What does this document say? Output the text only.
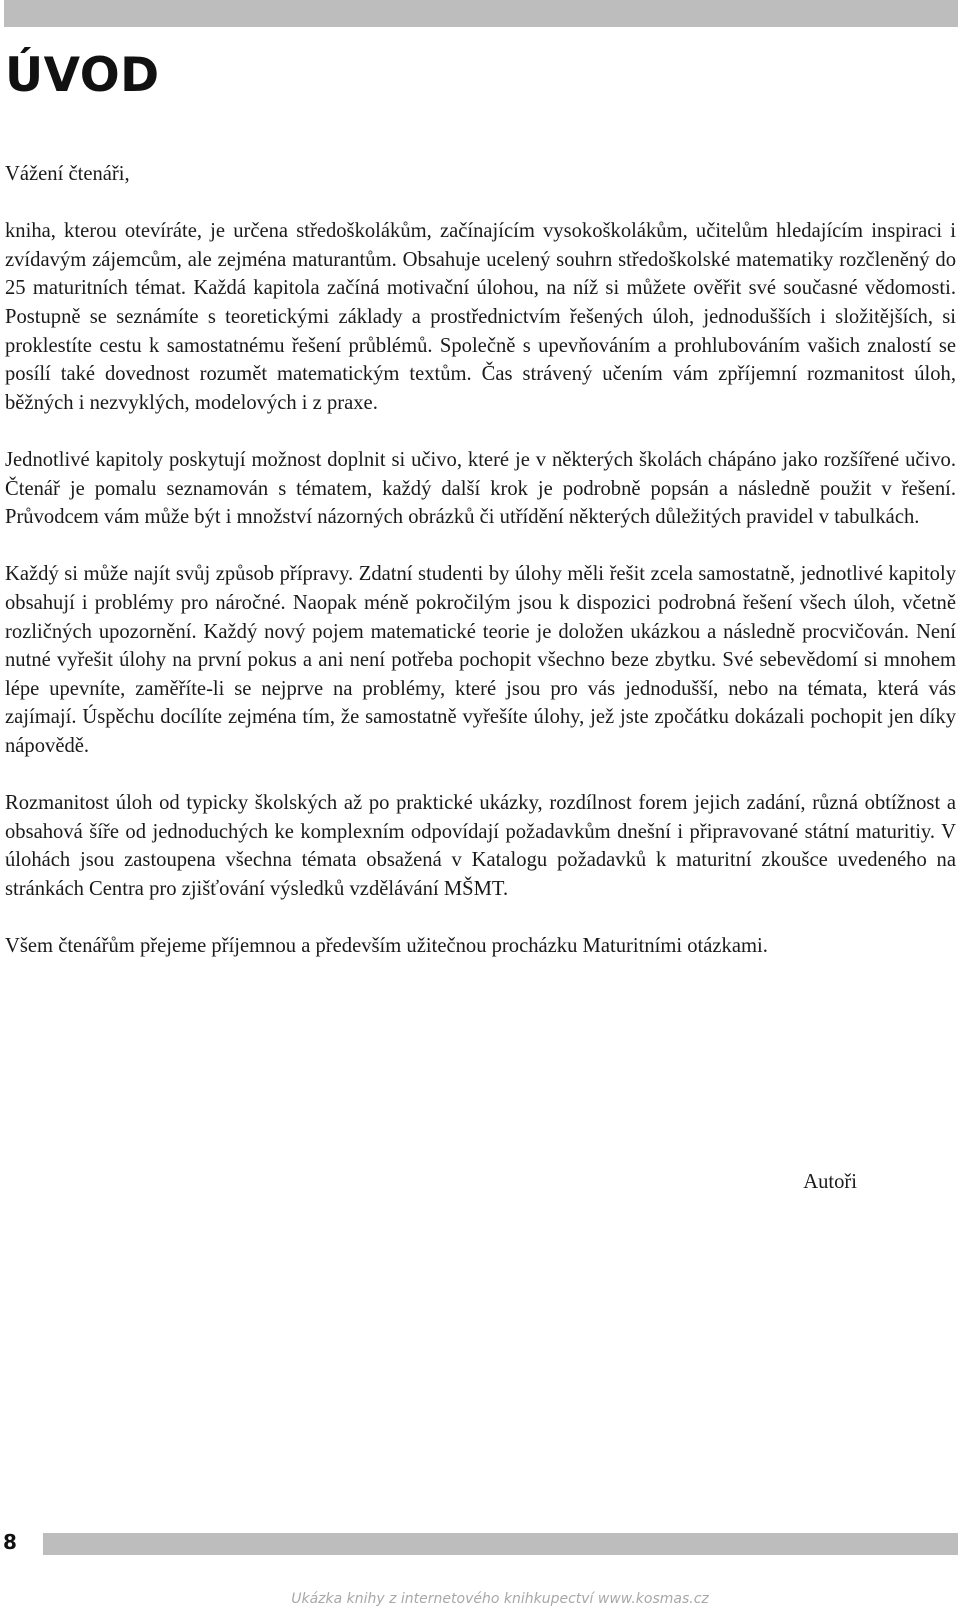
ÚVOD

Vážení čtenáři,

kniha, kterou otevíráte, je určena středoškolákům, začínajícím vysokoškolákům, učitelům hledajícím inspiraci i zvídavým zájemcům, ale zejména maturantům. Obsahuje ucelený souhrn středoškolské matematiky rozčleněný do 25 maturitních témat. Každá kapitola začíná motivační úlohou, na níž si můžete ověřit své současné vědomosti. Postupně se seznámíte s teoretickými základy a prostřednictvím řešených úloh, jednodušších i složitějších, si proklestíte cestu k samostatnému řešení průblémů. Společně s upevňováním a prohlubováním vašich znalostí se posílí také dovednost rozumět matematickým textům. Čas strávený učením vám zpříjemní rozmanitost úloh, běžných i nezvyklých, modelových i z praxe.

Jednotlivé kapitoly poskytují možnost doplnit si učivo, které je v některých školách chápáno jako rozšířené učivo. Čtenář je pomalu seznamován s tématem, každý další krok je podrobně popsán a následně použit v řešení. Průvodcem vám může být i množství názorných obrázků či utřídění některých důležitých pravidel v tabulkách.

Každý si může najít svůj způsob přípravy. Zdatní studenti by úlohy měli řešit zcela samostatně, jednotlivé kapitoly obsahují i problémy pro náročné. Naopak méně pokročilým jsou k dispozici podrobná řešení všech úloh, včetně rozličných upozornění. Každý nový pojem matematické teorie je doložen ukázkou a následně procvičován. Není nutné vyřešit úlohy na první pokus a ani není potřeba pochopit všechno beze zbytku. Své sebevědomí si mnohem lépe upevníte, zaměříte-li se nejprve na problémy, které jsou pro vás jednodušší, nebo na témata, která vás zajímají. Úspěchu docílíte zejména tím, že samostatně vyřešíte úlohy, jež jste zpočátku dokázali pochopit jen díky nápovědě.

Rozmanitost úloh od typicky školských až po praktické ukázky, rozdílnost forem jejich zadání, různá obtížnost a obsahová šíře od jednoduchých ke komplexním odpovídají požadavkům dnešní i připravované státní maturitiy. V úlohách jsou zastoupena všechna témata obsažená v Katalogu požadavků k maturitní zkoušce uvedeného na stránkách Centra pro zjišťování výsledků vzdělávání MŠMT.

Všem čtenářům přejeme příjemnou a především užitečnou procházku Maturitními otázkami.

Autoři
8
Ukázka knihy z internetového knihkupectví www.kosmas.cz
